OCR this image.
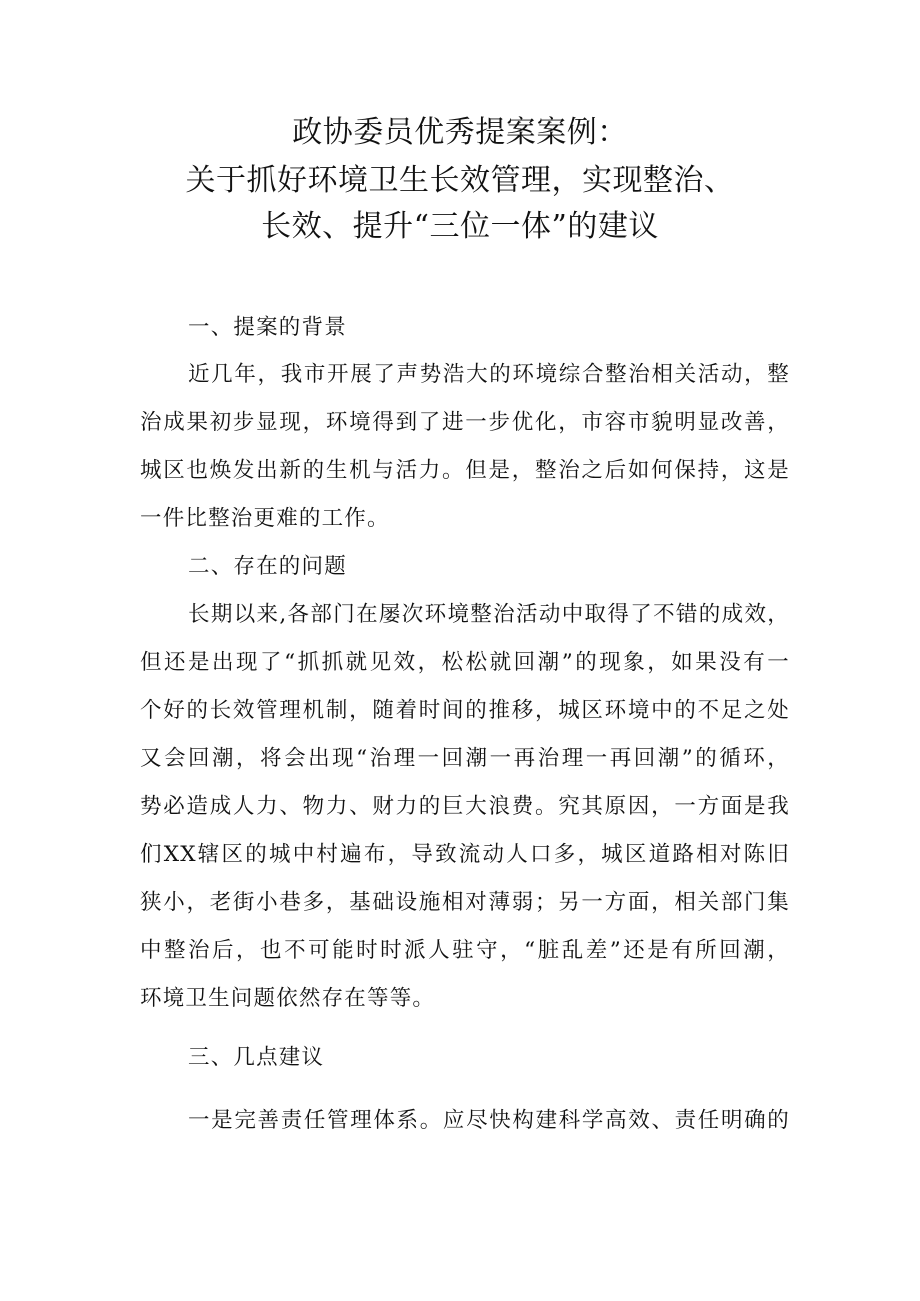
政协委员优秀提案案例：
关于抓好环境卫生长效管理，实现整治、
长效、提升“三位一体”的建议
一、提案的背景
近几年，我市开展了声势浩大的环境综合整治相关活动，整
治成果初步显现，环境得到了进一步优化，市容市貌明显改善，
城区也焕发出新的生机与活力。但是，整治之后如何保持，这是
一件比整治更难的工作。
二、存在的问题
长期以来,各部门在屡次环境整治活动中取得了不错的成效，
但还是出现了“抓抓就见效，松松就回潮”的现象，如果没有一
个好的长效管理机制，随着时间的推移，城区环境中的不足之处
又会回潮，将会出现“治理一回潮一再治理一再回潮”的循环，
势必造成人力、物力、财力的巨大浪费。究其原因，一方面是我
们XX辖区的城中村遍布，导致流动人口多，城区道路相对陈旧
狭小，老街小巷多，基础设施相对薄弱；另一方面，相关部门集
中整治后，也不可能时时派人驻守，“脏乱差”还是有所回潮，
环境卫生问题依然存在等等。
三、几点建议
一是完善责任管理体系。应尽快构建科学高效、责任明确的
